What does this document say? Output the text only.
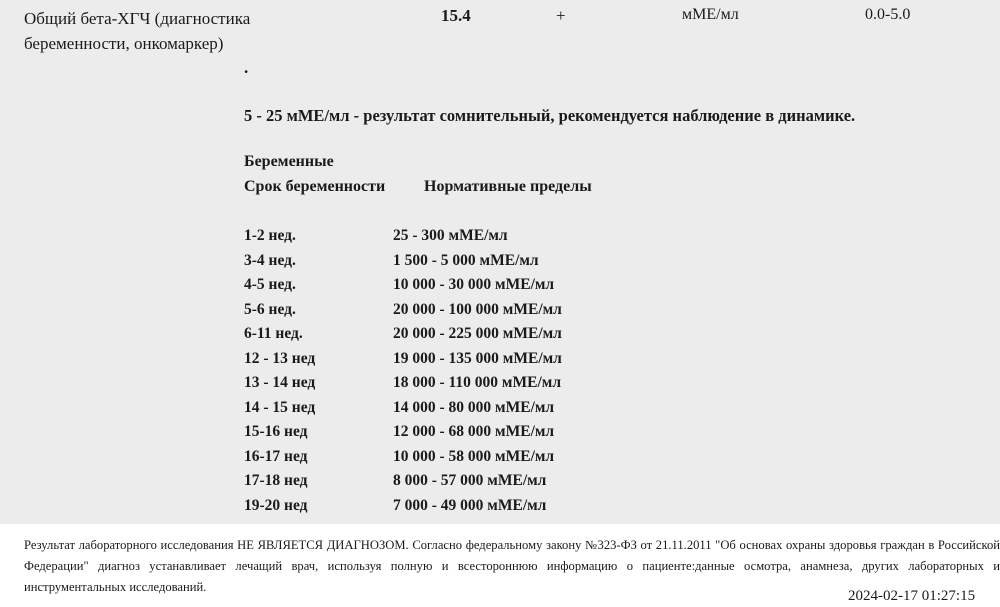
Общий бета-ХГЧ (диагностика беременности, онкомаркер)
15.4	+	мМЕ/мл	0.0-5.0
.
5 - 25 мМЕ/мл - результат сомнительный, рекомендуется наблюдение в динамике.
Беременные
Срок беременности Нормативные пределы
1-2 нед.	25 - 300 мМЕ/мл
3-4 нед.	1 500 - 5 000 мМЕ/мл
4-5 нед.	10 000 - 30 000 мМЕ/мл
5-6 нед.	20 000 - 100 000 мМЕ/мл
6-11 нед.	20 000 - 225 000 мМЕ/мл
12 - 13 нед	19 000 - 135 000 мМЕ/мл
13 - 14 нед	18 000 - 110 000 мМЕ/мл
14 - 15 нед	14 000 - 80 000 мМЕ/мл
15-16 нед	12 000 - 68 000 мМЕ/мл
16-17 нед	10 000 - 58 000 мМЕ/мл
17-18 нед	8 000 - 57 000 мМЕ/мл
19-20 нед	7 000 - 49 000 мМЕ/мл
Результат лабораторного исследования НЕ ЯВЛЯЕТСЯ ДИАГНОЗОМ. Согласно федеральному закону №323-ФЗ от 21.11.2011 "Об основах охраны здоровья граждан в Российской Федерации" диагноз устанавливает лечащий врач, используя полную и всестороннюю информацию о пациенте:данные осмотра, анамнеза, других лабораторных и инструментальных исследований.
2024-02-17 01:27:15
